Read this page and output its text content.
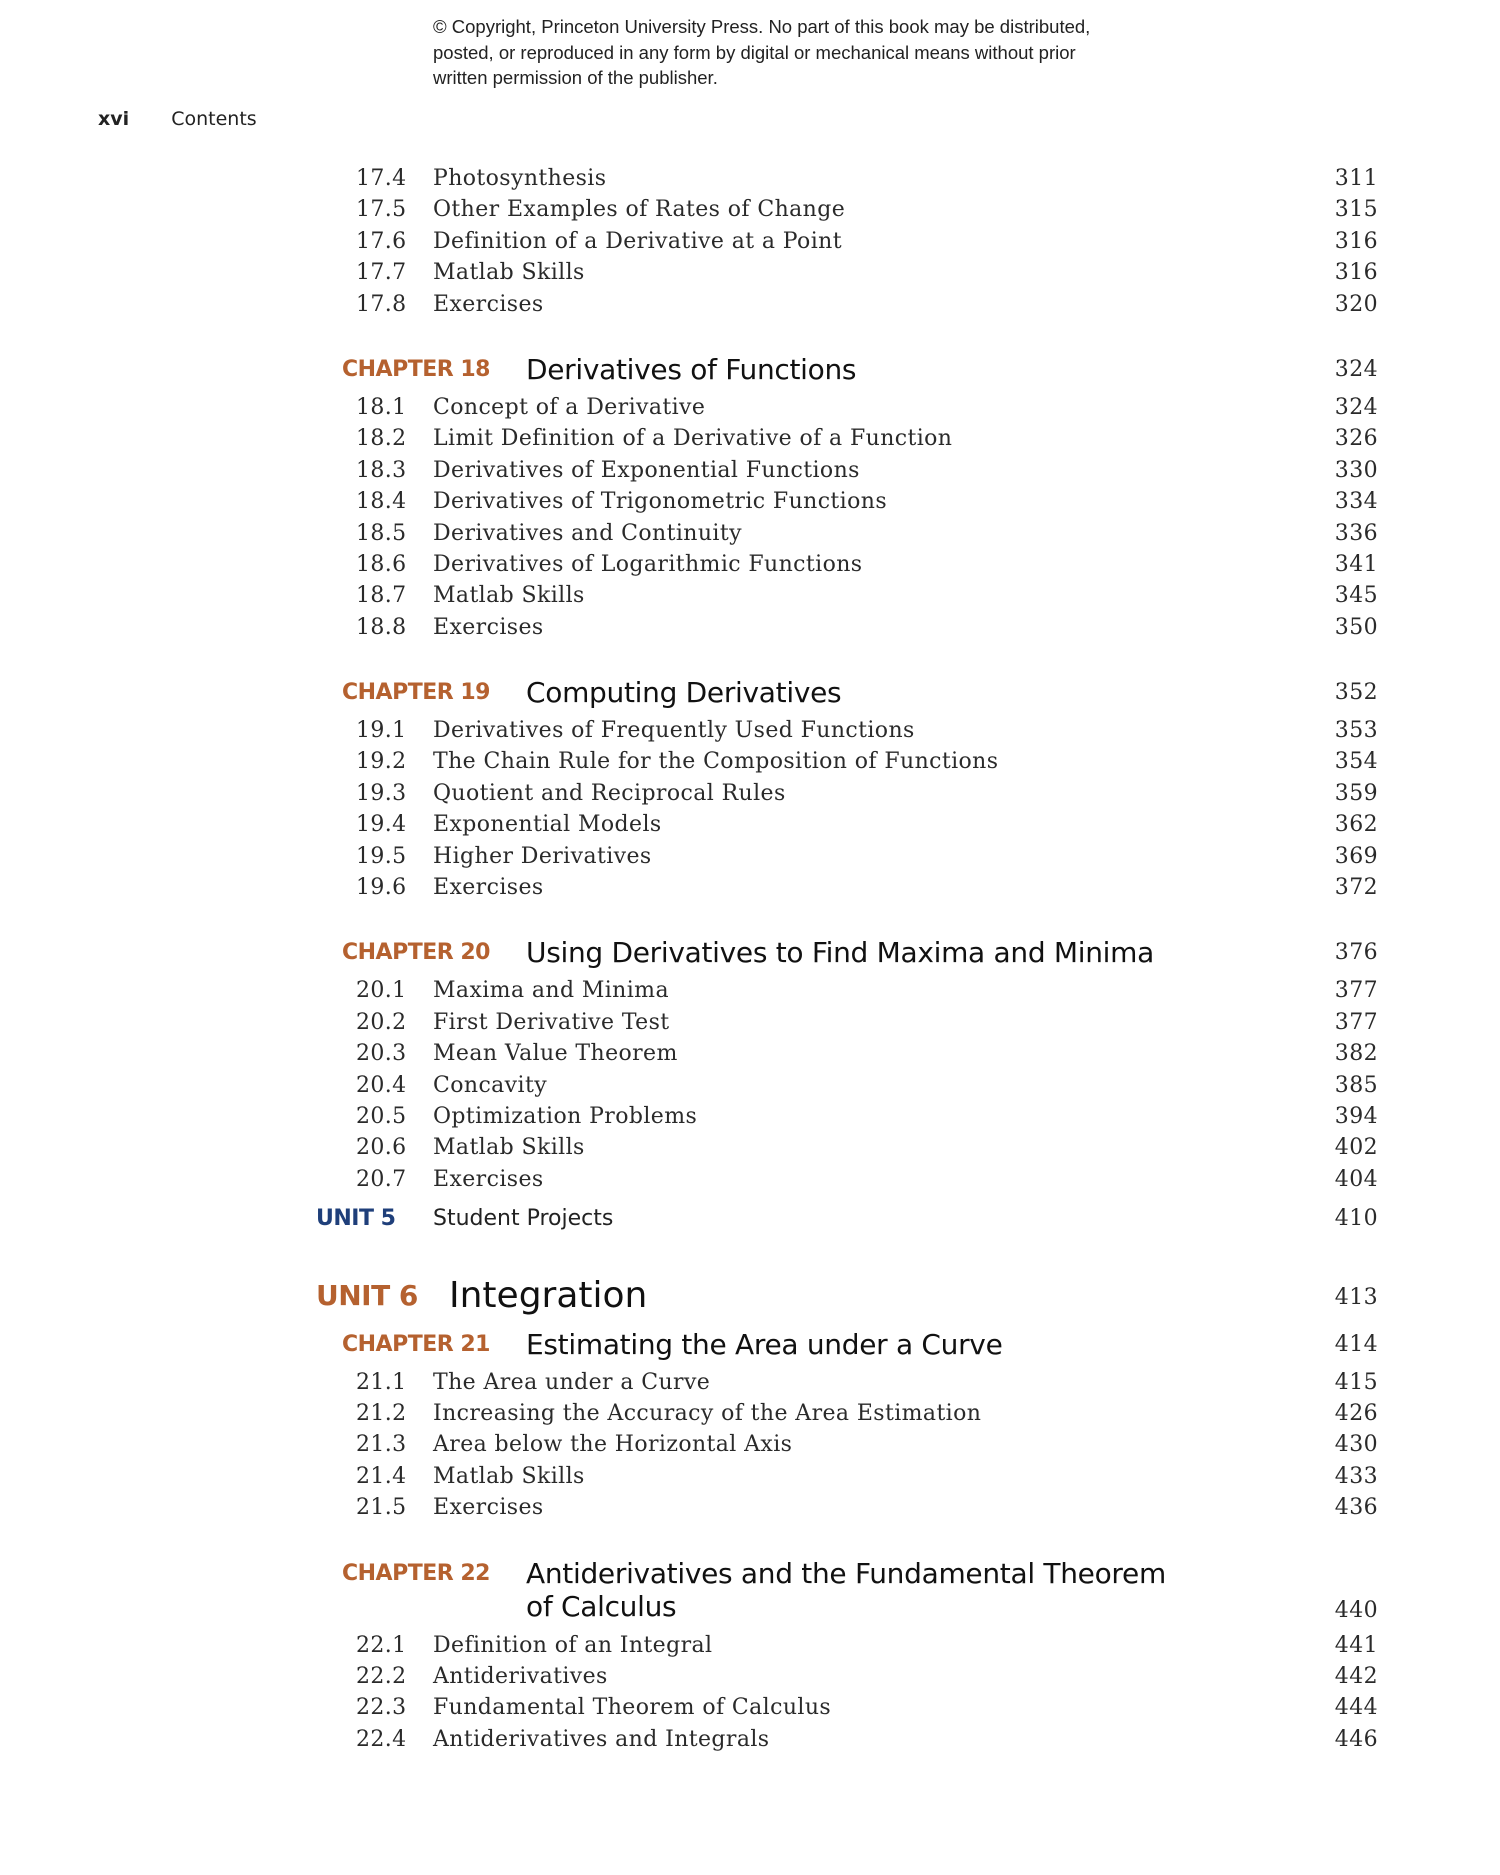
© Copyright, Princeton University Press. No part of this book may be distributed, posted, or reproduced in any form by digital or mechanical means without prior written permission of the publisher.
xvi Contents
17.4 Photosynthesis	311
17.5 Other Examples of Rates of Change	315
17.6 Definition of a Derivative at a Point	316
17.7 Matlab Skills	316
17.8 Exercises	320
CHAPTER 18 Derivatives of Functions	324
18.1 Concept of a Derivative	324
18.2 Limit Definition of a Derivative of a Function	326
18.3 Derivatives of Exponential Functions	330
18.4 Derivatives of Trigonometric Functions	334
18.5 Derivatives and Continuity	336
18.6 Derivatives of Logarithmic Functions	341
18.7 Matlab Skills	345
18.8 Exercises	350
CHAPTER 19 Computing Derivatives	352
19.1 Derivatives of Frequently Used Functions	353
19.2 The Chain Rule for the Composition of Functions	354
19.3 Quotient and Reciprocal Rules	359
19.4 Exponential Models	362
19.5 Higher Derivatives	369
19.6 Exercises	372
CHAPTER 20 Using Derivatives to Find Maxima and Minima	376
20.1 Maxima and Minima	377
20.2 First Derivative Test	377
20.3 Mean Value Theorem	382
20.4 Concavity	385
20.5 Optimization Problems	394
20.6 Matlab Skills	402
20.7 Exercises	404
UNIT 5 Student Projects	410
UNIT 6 Integration	413
CHAPTER 21 Estimating the Area under a Curve	414
21.1 The Area under a Curve	415
21.2 Increasing the Accuracy of the Area Estimation	426
21.3 Area below the Horizontal Axis	430
21.4 Matlab Skills	433
21.5 Exercises	436
CHAPTER 22 Antiderivatives and the Fundamental Theorem
of Calculus	440
22.1 Definition of an Integral	441
22.2 Antiderivatives	442
22.3 Fundamental Theorem of Calculus	444
22.4 Antiderivatives and Integrals	446
